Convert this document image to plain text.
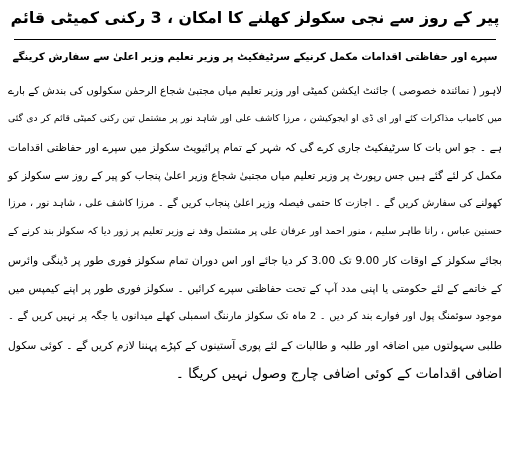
پیر کے روز سے نجی سکولز کھلنے کا امکان ، 3 رکنی کمیٹی قائم
سپرے اور حفاظتی اقدامات مکمل کرنیکے سرٹیفکیٹ پر وزیر تعلیم وزیر اعلیٰ سے سفارش کرینگے
لاہور ( نمائندہ خصوصی ) جائنٹ ایکشن کمیٹی اور وزیر تعلیم میاں مجتبیٰ شجاع الرحمٰن سکولوں کی بندش کے بارے
میں کامیاب مذاکرات کئے اور ای ڈی او ایجوکیشن ، مرزا کاشف علی اور شاہد نور پر مشتمل تین رکنی کمیٹی قائم کر دی گئی
ہے ۔ جو اس بات کا سرٹیفکیٹ جاری کرے گی کہ شہر کے تمام پرائیویٹ سکولز میں سپرے اور حفاظتی اقدامات
مکمل کر لئے گئے ہیں جس رپورٹ پر وزیر تعلیم میاں مجتبیٰ شجاع وزیر اعلیٰ پنجاب کو پیر کے روز سے سکولز کو
کھولنے کی سفارش کریں گے ۔ اجازت کا حتمی فیصلہ وزیر اعلیٰ پنجاب کریں گے ۔ مرزا کاشف علی ، شاہد نور ، مرزا
حسنین عباس ، رانا طاہر سلیم ، منور احمد اور عرفان علی پر مشتمل وفد نے وزیر تعلیم پر زور دیا کہ سکولز بند کرنے کے
بجائے سکولز کے اوقات کار 9.00 تک 3.00 کر دیا جائے اور اس دوران تمام سکولز فوری طور پر ڈینگی وائرس
کے خاتمے کے لئے حکومتی یا اپنی مدد آپ کے تحت حفاظتی سپرے کرائیں ۔ سکولز فوری طور پر اپنے کیمپس میں
موجود سوئمنگ پول اور فوارے بند کر دیں ۔ 2 ماہ تک سکولز مارننگ اسمبلی کھلے میدانوں یا جگہ پر نہیں کریں گے ۔
طلبی سہولتوں میں اضافہ اور طلبہ و طالبات کے لئے پوری آستینوں کے کپڑے پہننا لازم کریں گے ۔ کوئی سکول
اضافی اقدامات کے کوئی اضافی چارج وصول نہیں کریگا ۔
